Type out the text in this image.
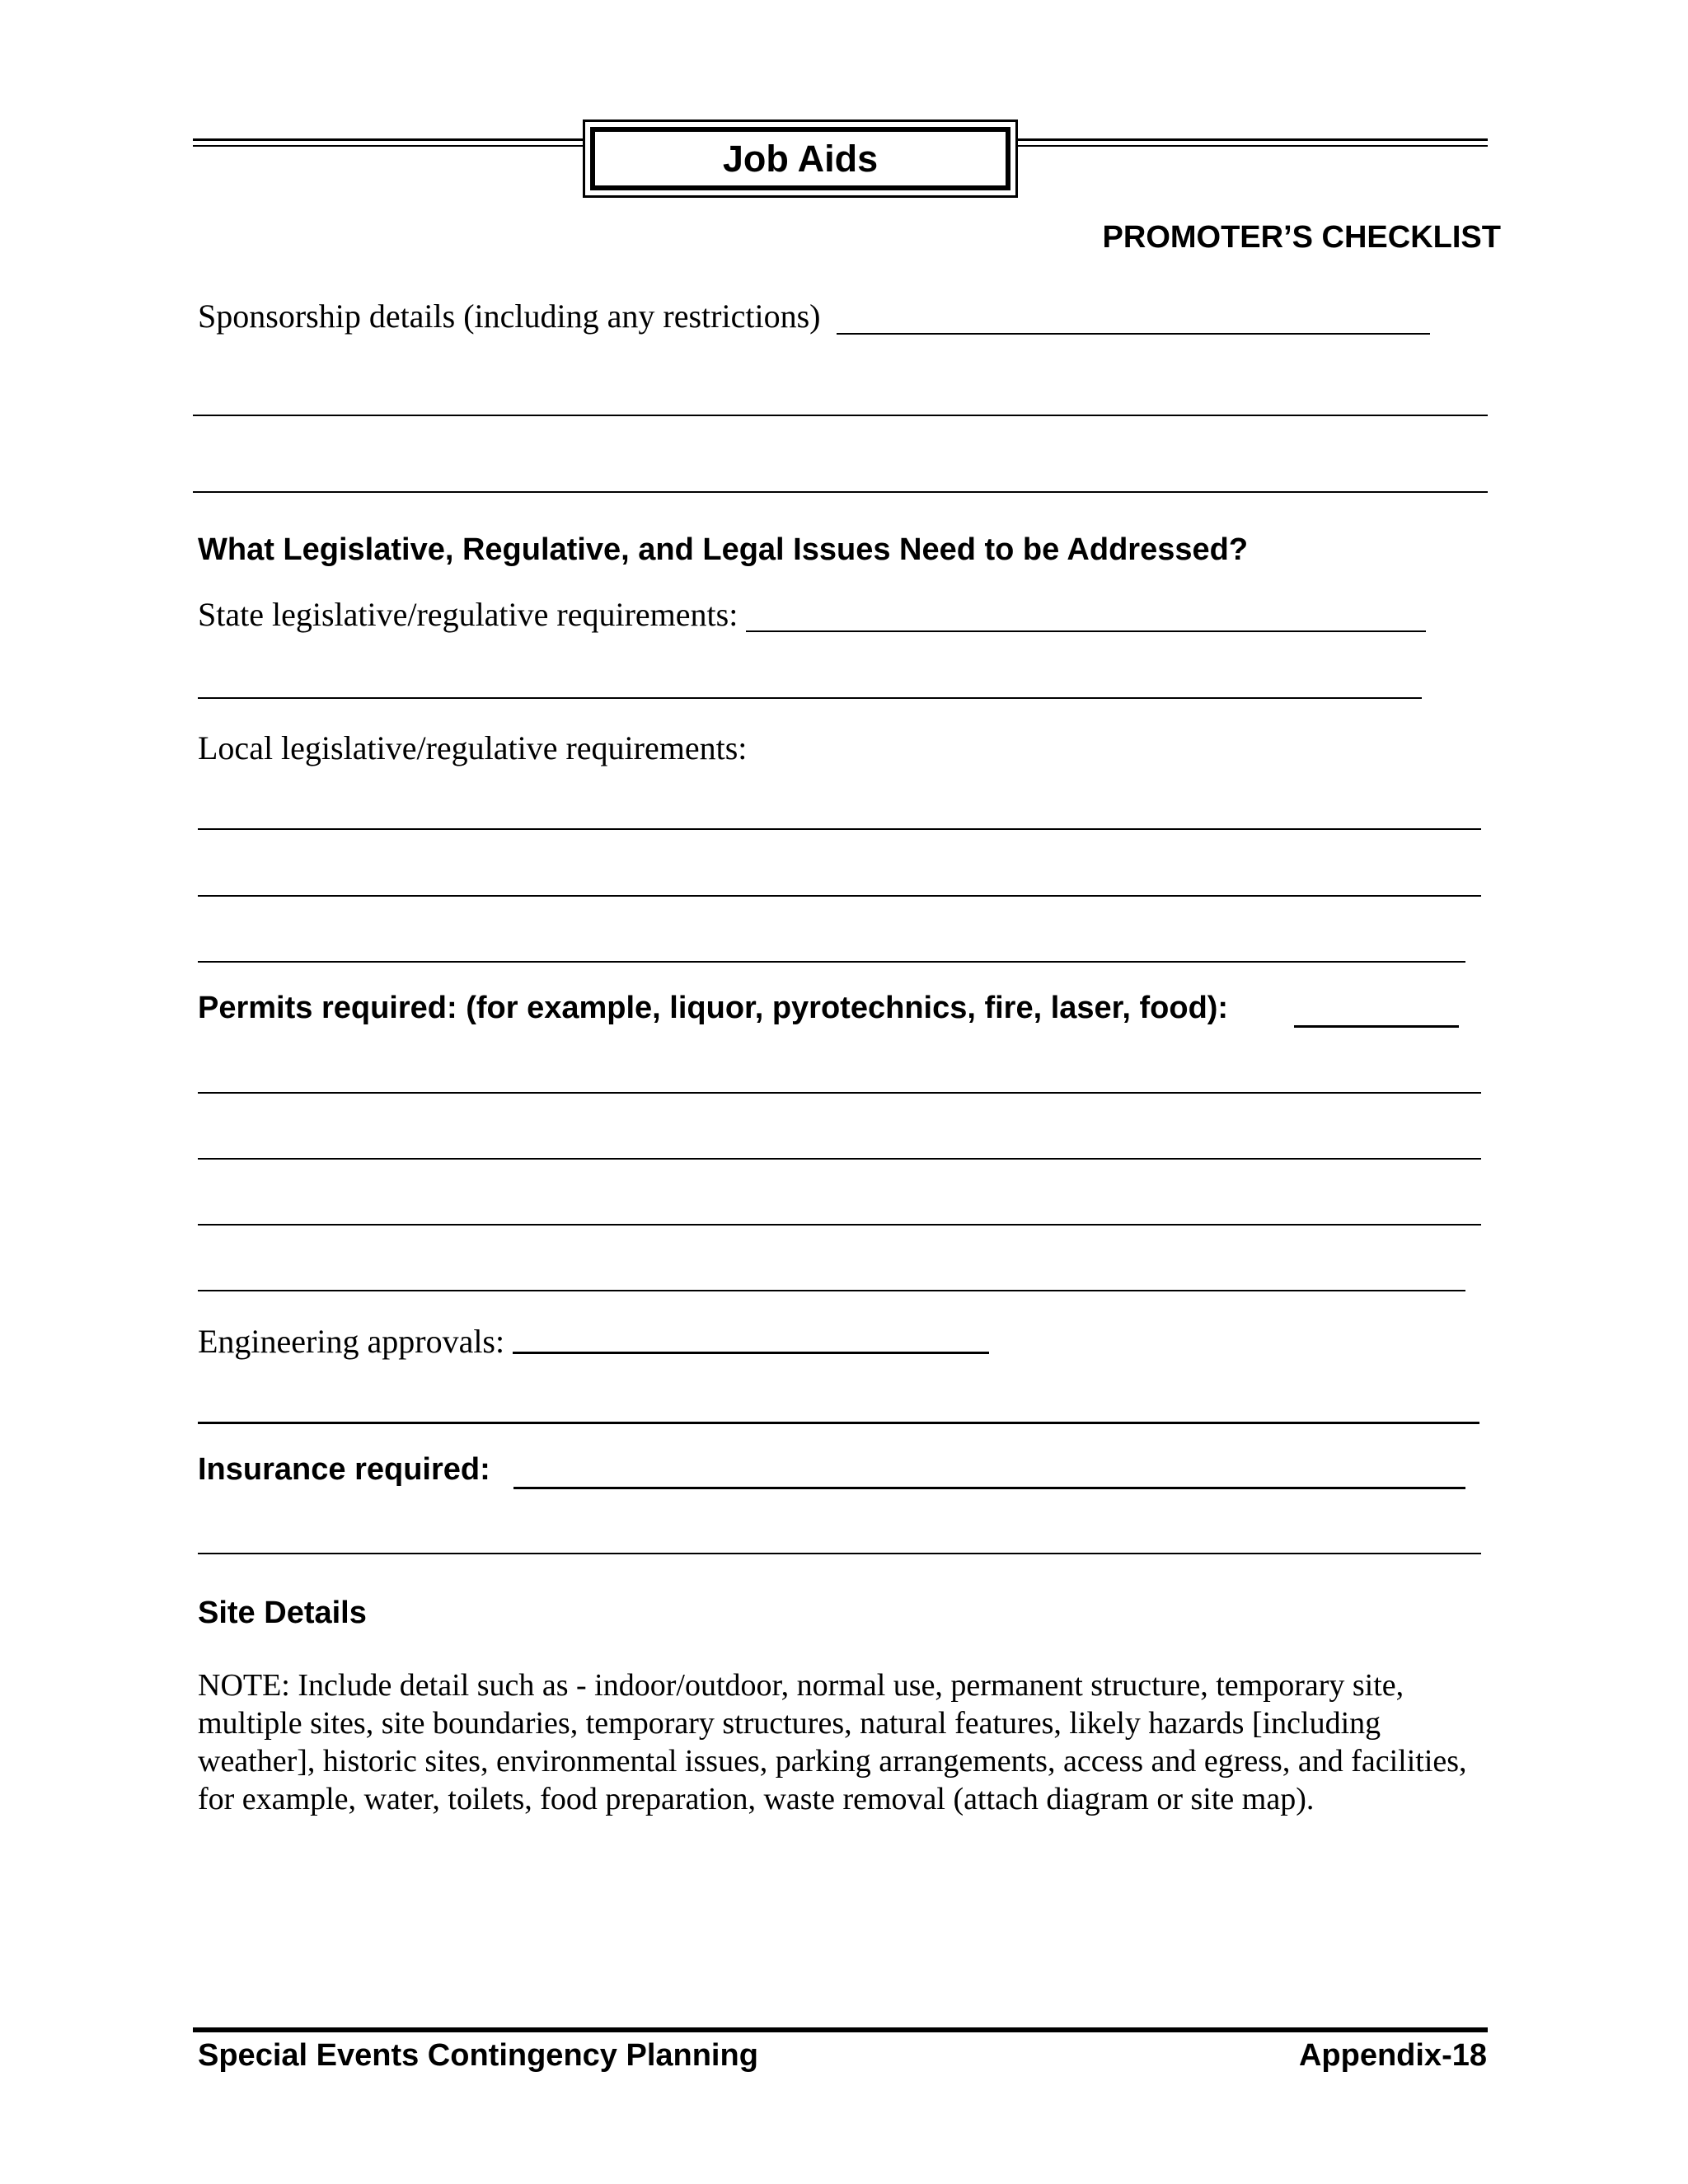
Job Aids
PROMOTER’S CHECKLIST
Sponsorship details (including any restrictions)
What Legislative, Regulative, and Legal Issues Need to be Addressed?
State legislative/regulative requirements:
Local legislative/regulative requirements:
Permits required: (for example, liquor, pyrotechnics, fire, laser, food):
Engineering approvals:
Insurance required:
Site Details
NOTE: Include detail such as - indoor/outdoor, normal use, permanent structure, temporary site, multiple sites, site boundaries, temporary structures, natural features, likely hazards [including weather], historic sites, environmental issues, parking arrangements, access and egress, and facilities, for example, water, toilets, food preparation, waste removal (attach diagram or site map).
Special Events Contingency Planning	Appendix-18
